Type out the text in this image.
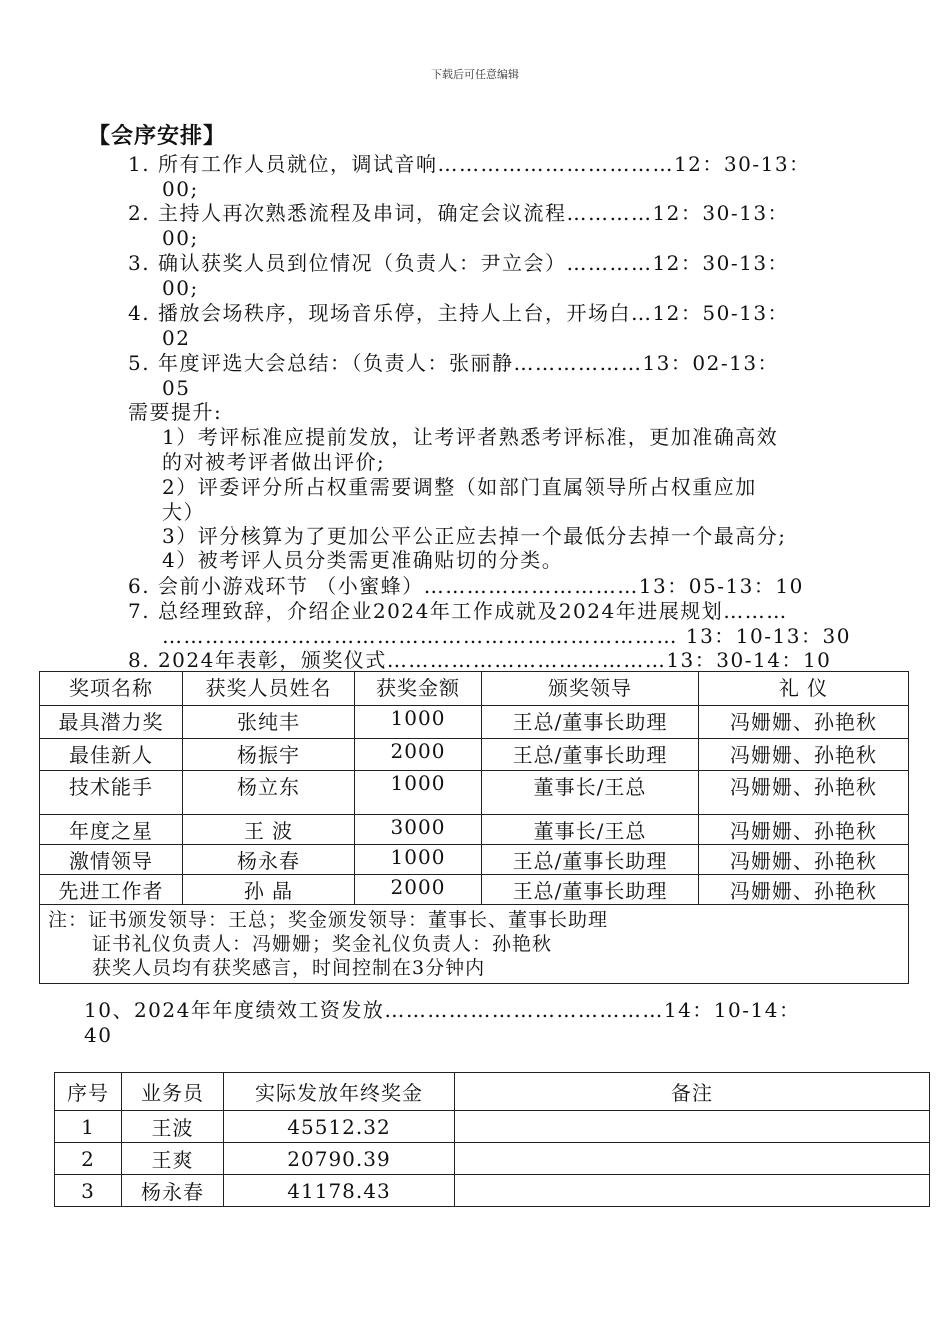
下载后可任意编辑
【会序安排】
1. 所有工作人员就位，调试音响……………………………12：30-13：
00;
2. 主持人再次熟悉流程及串词，确定会议流程…………12：30-13：
00;
3. 确认获奖人员到位情况（负责人：尹立会）…………12：30-13：
00;
4. 播放会场秩序，现场音乐停，主持人上台，开场白…12：50-13：
02
5. 年度评选大会总结：（负责人：张丽静………………13：02-13：
05
需要提升:
1）考评标准应提前发放，让考评者熟悉考评标准，更加准确高效
的对被考评者做出评价;
2）评委评分所占权重需要调整（如部门直属领导所占权重应加
大）
3）评分核算为了更加公平公正应去掉一个最低分去掉一个最高分;
4）被考评人员分类需更准确贴切的分类。
6. 会前小游戏环节 （小蜜蜂）…………………………13：05-13：10
7. 总经理致辞，介绍企业2024年工作成就及2024年进展规划………
……………………………………………………………… 13：10-13：30
8. 2024年表彰，颁奖仪式…………………………………13：30-14：10
奖项名称	获奖人员姓名	获奖金额	颁奖领导	礼 仪
最具潜力奖	张纯丰	1000	王总/董事长助理	冯姗姗、孙艳秋
最佳新人	杨振宇	2000	王总/董事长助理	冯姗姗、孙艳秋
技术能手	杨立东	1000	董事长/王总	冯姗姗、孙艳秋
年度之星	王 波	3000	董事长/王总	冯姗姗、孙艳秋
激情领导	杨永春	1000	王总/董事长助理	冯姗姗、孙艳秋
先进工作者	孙 晶	2000	王总/董事长助理	冯姗姗、孙艳秋

注：证书颁发领导：王总；奖金颁发领导：董事长、董事长助理
证书礼仪负责人：冯姗姗；奖金礼仪负责人：孙艳秋
获奖人员均有获奖感言，时间控制在3分钟内				
10、2024年年度绩效工资发放…………………………………14：10-14：
40
序号	业务员	实际发放年终奖金	备注
1	王波	45512.32	
2	王爽	20790.39	
3	杨永春	41178.43	
